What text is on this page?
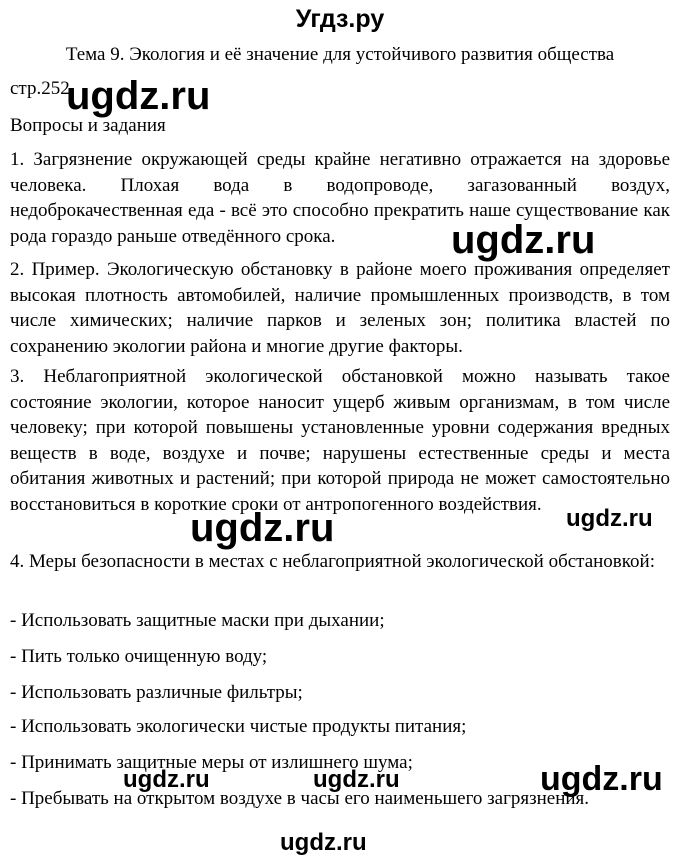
Угдз.ру
Тема 9. Экология и её значение для устойчивого развития общества
стр.252
Вопросы и задания

1. Загрязнение окружающей среды крайне негативно отражается на здоровье человека. Плохая вода в водопроводе, загазованный воздух, недоброкачественная еда - всё это способно прекратить наше существование как рода гораздо раньше отведённого срока.

2. Пример. Экологическую обстановку в районе моего проживания определяет высокая плотность автомобилей, наличие промышленных производств, в том числе химических; наличие парков и зеленых зон; политика властей по сохранению экологии района и многие другие факторы.

3. Неблагоприятной экологической обстановкой можно называть такое состояние экологии, которое наносит ущерб живым организмам, в том числе человеку; при которой повышены установленные уровни содержания вредных веществ в воде, воздухе и почве; нарушены естественные среды и места обитания животных и растений; при которой природа не может самостоятельно восстановиться в короткие сроки от антропогенного воздействия.

4. Меры безопасности в местах с неблагоприятной экологической обстановкой:

- Использовать защитные маски при дыхании;
- Пить только очищенную воду;
- Использовать различные фильтры;
- Использовать экологически чистые продукты питания;
- Принимать защитные меры от излишнего шума;
- Пребывать на открытом воздухе в часы его наименьшего загрязнения.
ugdz.ru
ugdz.ru
ugdz.ru	ugdz.ru
ugdz.ru	ugdz.ru	ugdz.ru
ugdz.ru
